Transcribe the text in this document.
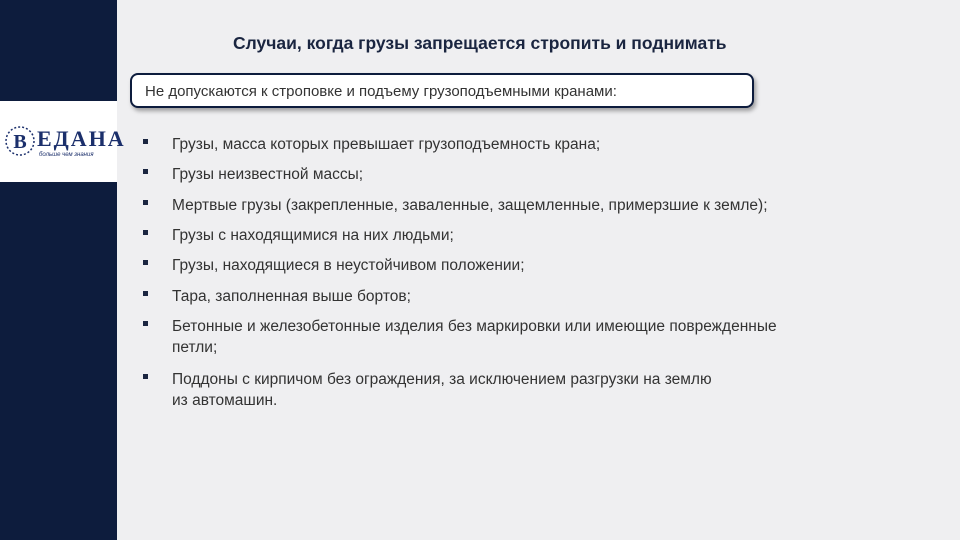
B ЕДАНА
больше чем знания
Случаи, когда грузы запрещается стропить и поднимать
Не допускаются к строповке и подъему грузоподъемными кранами:
Грузы, масса которых превышает грузоподъемность крана;
Грузы неизвестной массы;
Мертвые грузы (закрепленные, заваленные, защемленные, примерзшие к земле);
Грузы с находящимися на них людьми;
Грузы, находящиеся в неустойчивом положении;
Тара, заполненная выше бортов;
Бетонные и железобетонные изделия без маркировки или имеющие поврежденные
петли;
Поддоны с кирпичом без ограждения, за исключением разгрузки на землю
из автомашин.
